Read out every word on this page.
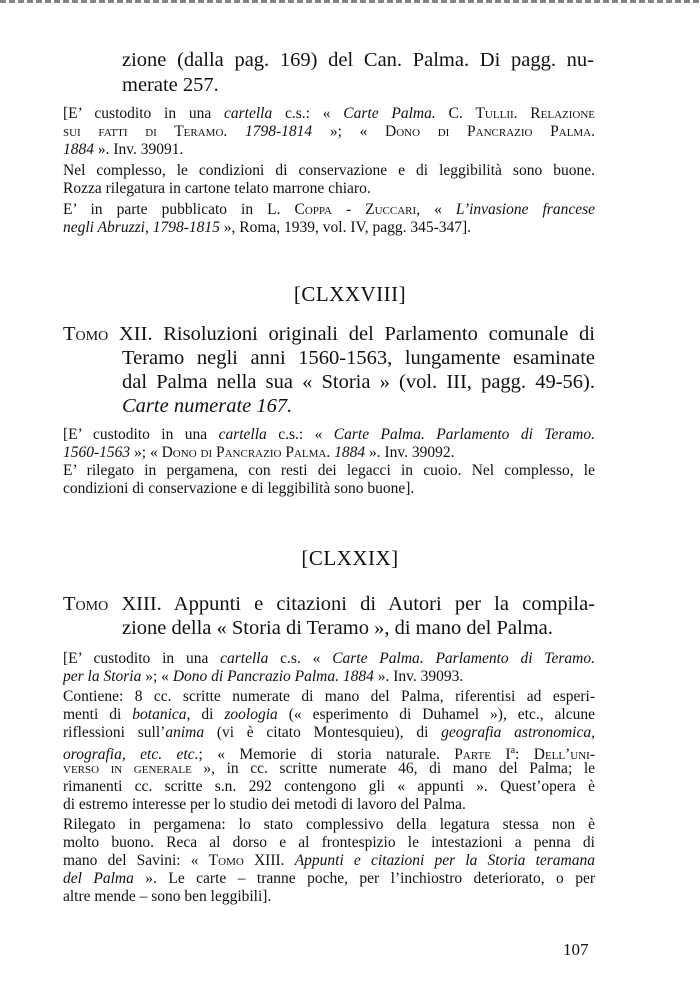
zione (dalla pag. 169) del Can. Palma. Di pagg. nu-
merate 257.
[E’ custodito in una cartella c.s.: « Carte Palma. C. Tullii. Relazione
sui fatti di Teramo. 1798-1814 »; « Dono di Pancrazio Palma.
1884 ». Inv. 39091.
Nel complesso, le condizioni di conservazione e di leggibilità sono buone.
Rozza rilegatura in cartone telato marrone chiaro.
E’ in parte pubblicato in L. Coppa - Zuccari, « L’invasione francese
negli Abruzzi, 1798-1815 », Roma, 1939, vol. IV, pagg. 345-347].
[CLXXVIII]
Tomo XII. Risoluzioni originali del Parlamento comunale di
Teramo negli anni 1560-1563, lungamente esaminate
dal Palma nella sua « Storia » (vol. III, pagg. 49-56).
Carte numerate 167.
[E’ custodito in una cartella c.s.: « Carte Palma. Parlamento di Teramo.
1560-1563 »; « Dono di Pancrazio Palma. 1884 ». Inv. 39092.
E’ rilegato in pergamena, con resti dei legacci in cuoio. Nel complesso, le
condizioni di conservazione e di leggibilità sono buone].
[CLXXIX]
Tomo XIII. Appunti e citazioni di Autori per la compila-
zione della « Storia di Teramo », di mano del Palma.
[E’ custodito in una cartella c.s. « Carte Palma. Parlamento di Teramo.
per la Storia »; « Dono di Pancrazio Palma. 1884 ». Inv. 39093.
Contiene: 8 cc. scritte numerate di mano del Palma, riferentisi ad esperi-
menti di botanica, di zoologia (« esperimento di Duhamel »), etc., alcune
riflessioni sull’anima (vi è citato Montesquieu), di geografia astronomica,
orografia, etc. etc.; « Memorie di storia naturale. Parte $I^a$: Dell’uni-
verso in generale », in cc. scritte numerate 46, di mano del Palma; le
rimanenti cc. scritte s.n. 292 contengono gli « appunti ». Quest’opera è
di estremo interesse per lo studio dei metodi di lavoro del Palma.
Rilegato in pergamena: lo stato complessivo della legatura stessa non è
molto buono. Reca al dorso e al frontespizio le intestazioni a penna di
mano del Savini: « Tomo XIII. Appunti e citazioni per la Storia teramana
del Palma ». Le carte – tranne poche, per l’inchiostro deteriorato, o per
altre mende – sono ben leggibili].
107
